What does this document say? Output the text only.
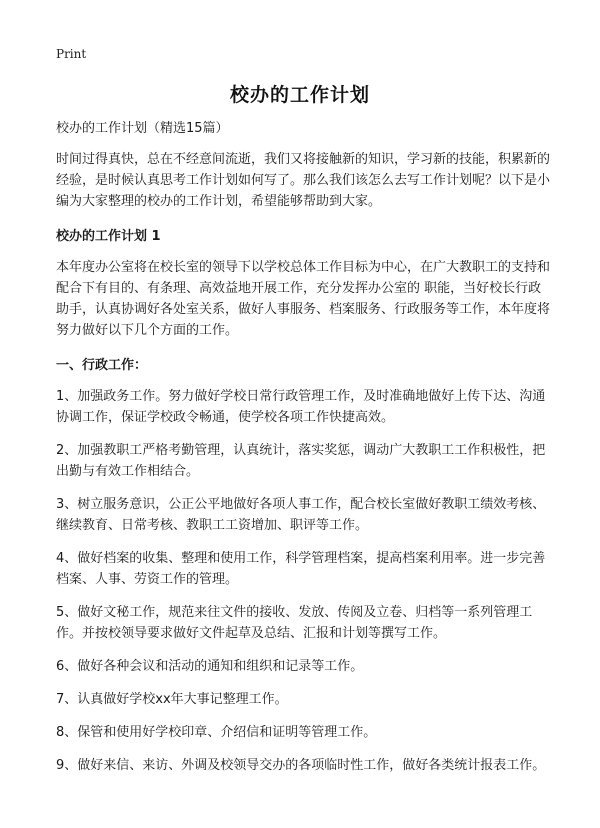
Print
校办的工作计划

校办的工作计划（精选15篇）

时间过得真快，总在不经意间流逝，我们又将接触新的知识，学习新的技能，积累新的经验，是时候认真思考工作计划如何写了。那么我们该怎么去写工作计划呢？以下是小编为大家整理的校办的工作计划，希望能够帮助到大家。

校办的工作计划 1

本年度办公室将在校长室的领导下以学校总体工作目标为中心，在广大教职工的支持和配合下有目的、有条理、高效益地开展工作，充分发挥办公室的 职能，当好校长行政助手，认真协调好各处室关系，做好人事服务、档案服务、行政服务等工作，本年度将努力做好以下几个方面的工作。

一、行政工作：

1、加强政务工作。努力做好学校日常行政管理工作，及时准确地做好上传下达、沟通协调工作，保证学校政令畅通，使学校各项工作快捷高效。

2、加强教职工严格考勤管理，认真统计，落实奖惩，调动广大教职工工作积极性，把出勤与有效工作相结合。

3、树立服务意识，公正公平地做好各项人事工作，配合校长室做好教职工绩效考核、继续教育、日常考核、教职工工资增加、职评等工作。

4、做好档案的收集、整理和使用工作，科学管理档案，提高档案利用率。进一步完善档案、人事、劳资工作的管理。

5、做好文秘工作，规范来往文件的接收、发放、传阅及立卷、归档等一系列管理工作。并按校领导要求做好文件起草及总结、汇报和计划等撰写工作。

6、做好各种会议和活动的通知和组织和记录等工作。

7、认真做好学校xx年大事记整理工作。

8、保管和使用好学校印章、介绍信和证明等管理工作。

9、做好来信、来访、外调及校领导交办的各项临时性工作，做好各类统计报表工作。
